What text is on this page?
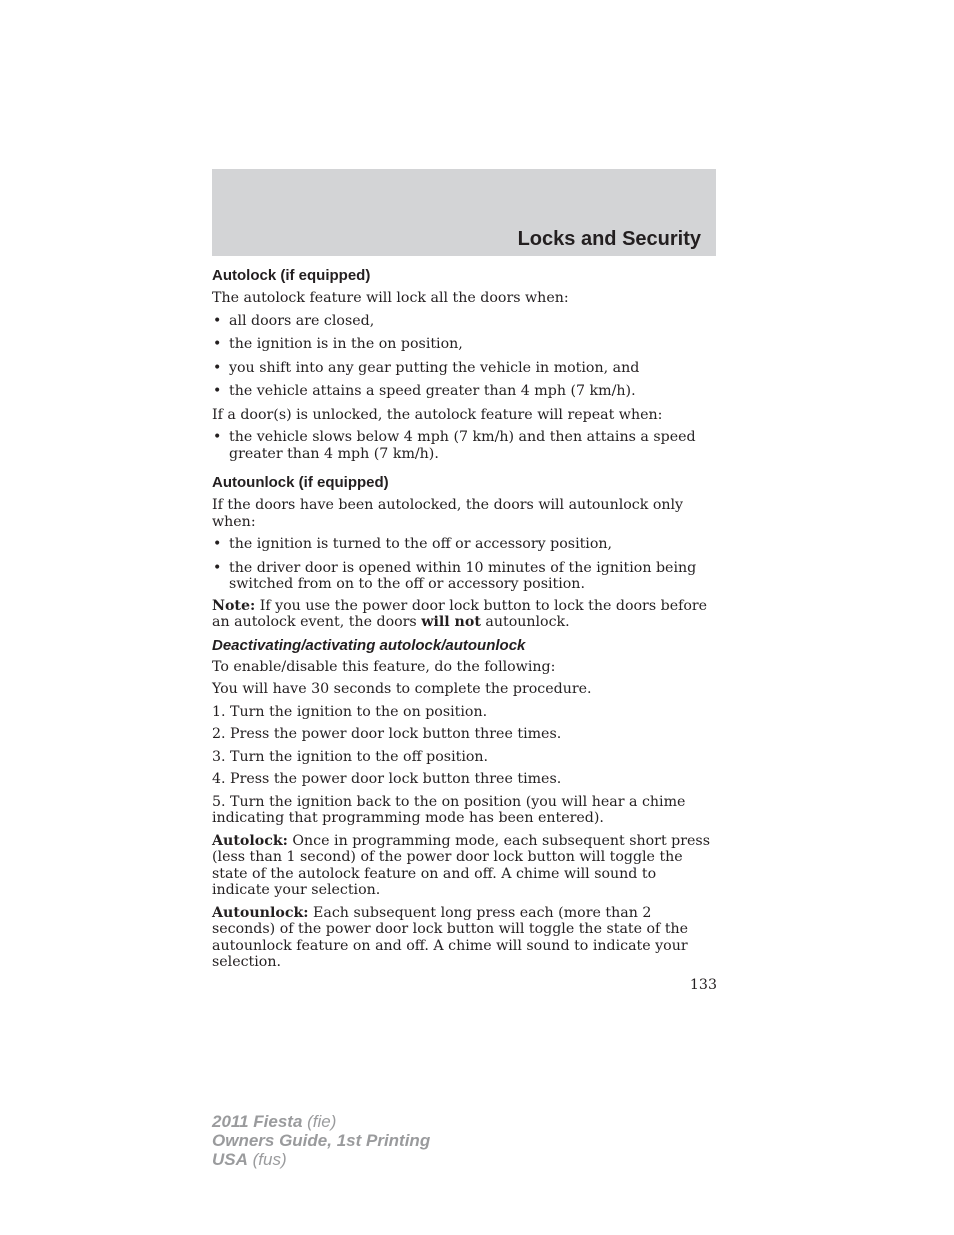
Locks and Security
Autolock (if equipped)

The autolock feature will lock all the doors when:

• all doors are closed,
• the ignition is in the on position,
• you shift into any gear putting the vehicle in motion, and
• the vehicle attains a speed greater than 4 mph (7 km/h).

If a door(s) is unlocked, the autolock feature will repeat when:

• the vehicle slows below 4 mph (7 km/h) and then attains a speed greater than 4 mph (7 km/h).
Autounlock (if equipped)

If the doors have been autolocked, the doors will autounlock only when:

• the ignition is turned to the off or accessory position,
• the driver door is opened within 10 minutes of the ignition being switched from on to the off or accessory position.

Note: If you use the power door lock button to lock the doors before an autolock event, the doors will not autounlock.

Deactivating/activating autolock/autounlock

To enable/disable this feature, do the following:

You will have 30 seconds to complete the procedure.

1. Turn the ignition to the on position.

2. Press the power door lock button three times.

3. Turn the ignition to the off position.

4. Press the power door lock button three times.

5. Turn the ignition back to the on position (you will hear a chime indicating that programming mode has been entered).

Autolock: Once in programming mode, each subsequent short press (less than 1 second) of the power door lock button will toggle the state of the autolock feature on and off. A chime will sound to indicate your selection.

Autounlock: Each subsequent long press each (more than 2 seconds) of the power door lock button will toggle the state of the autounlock feature on and off. A chime will sound to indicate your selection.

133
2011 Fiesta (fie)
Owners Guide, 1st Printing
USA (fus)
